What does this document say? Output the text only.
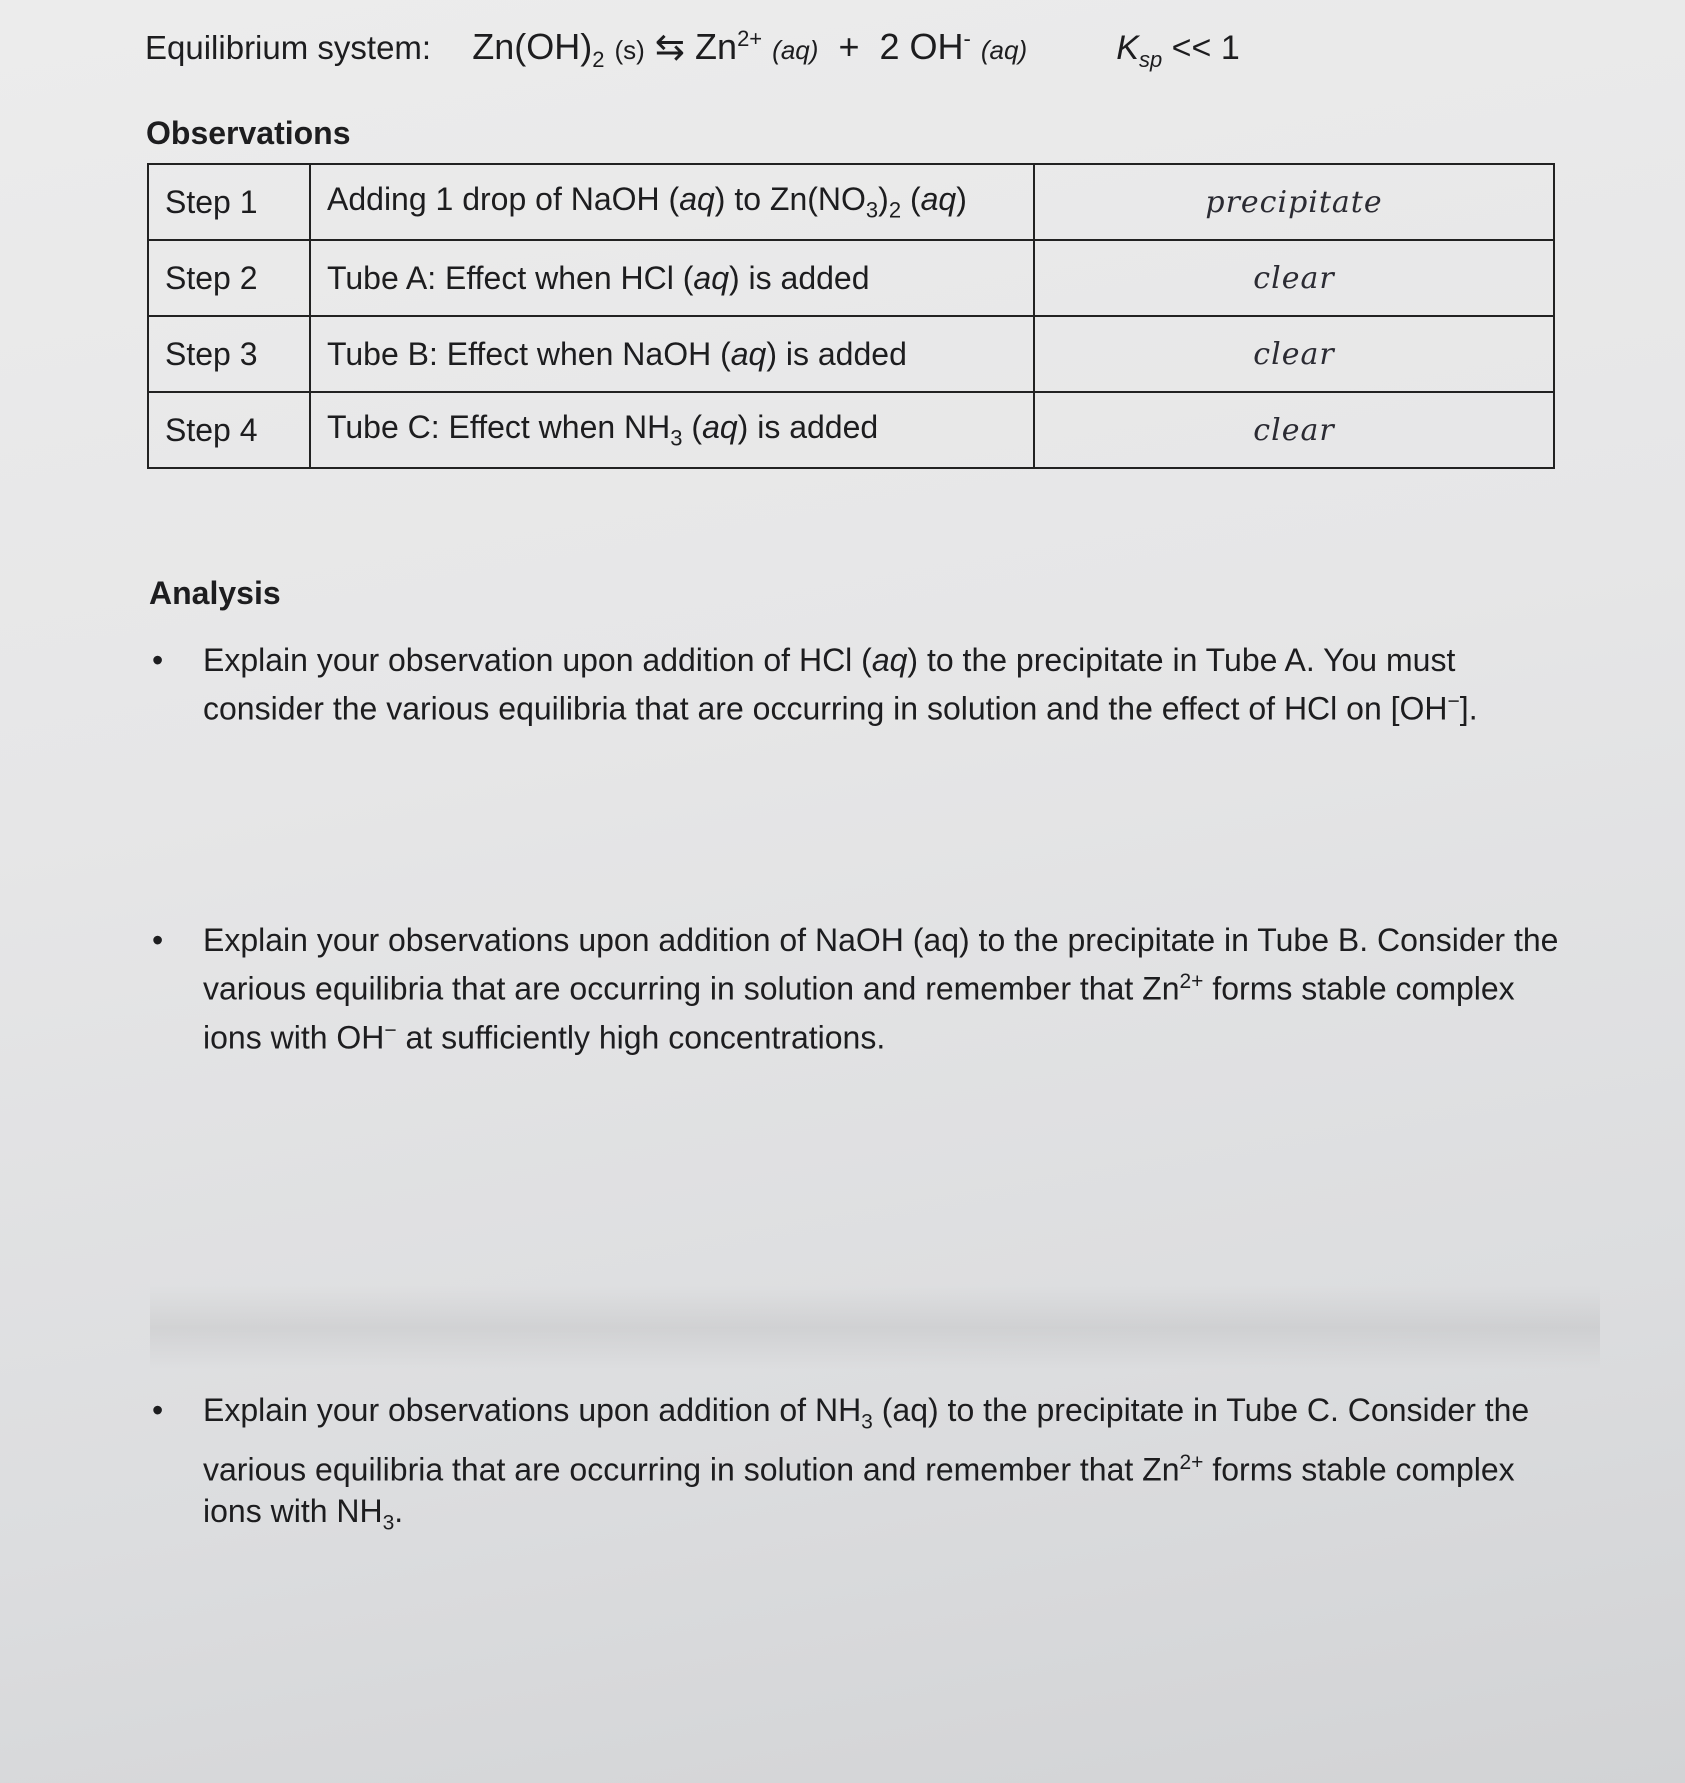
Equilibrium system: $Zn(OH)_2$ (s) ⇆ $Zn^{2+}$ (aq) + 2 OH- (aq)	$K_{sp} << 1$
Observations
Step 1	Adding 1 drop of NaOH (aq) to $Zn(NO_3)_2$ (aq)	precipitate
Step 2	Tube A: Effect when HCl (aq) is added	clear
Step 3	Tube B: Effect when NaOH (aq) is added	clear
Step 4	Tube C: Effect when $NH_3$ (aq) is added	clear
Analysis
• Explain your observation upon addition of HCl (aq) to the precipitate in Tube A. You must consider the various equilibria that are occurring in solution and the effect of HCl on [OH−].
• Explain your observations upon addition of NaOH (aq) to the precipitate in Tube B. Consider the various equilibria that are occurring in solution and remember that $Zn^{2+}$ forms stable complex ions with OH− at sufficiently high concentrations.
• Explain your observations upon addition of $NH_3$ (aq) to the precipitate in Tube C. Consider the various equilibria that are occurring in solution and remember that $Zn^{2+}$ forms stable complex ions with $NH_3$.
